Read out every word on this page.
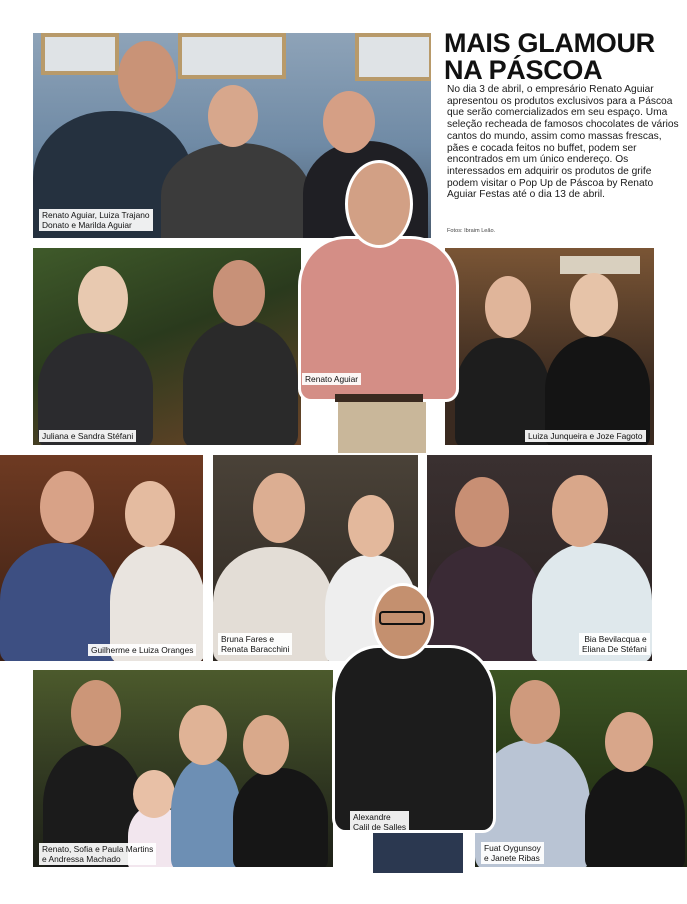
Renato Aguiar, Luiza Trajano
Donato e Marilda Aguiar
MAIS GLAMOUR
NA PÁSCOA

No dia 3 de abril, o empresário Renato Aguiar apresentou os produtos exclusivos para a Páscoa que serão comercializados em seu espaço. Uma seleção recheada de famosos chocolates de vários cantos do mundo, assim como massas frescas, pães e cocada feitos no buffet, podem ser encontrados em um único endereço. Os interessados em adquirir os produtos de grife podem visitar o Pop Up de Páscoa by Renato Aguiar Festas até o dia 13 de abril.

Fotos: Ibraim Leão.
Juliana e Sandra Stéfani	Luiza Junqueira e Joze Fagoto
Renato Aguiar
Guilherme e Luiza Oranges
Bruna Fares e
Renata Baracchini
Bia Bevilacqua e
Eliana De Stéfani
Renato, Sofia e Paula Martins
e Andressa Machado
Fuat Oygunsoy
e Janete Ribas
Alexandre
Calil de Salles
